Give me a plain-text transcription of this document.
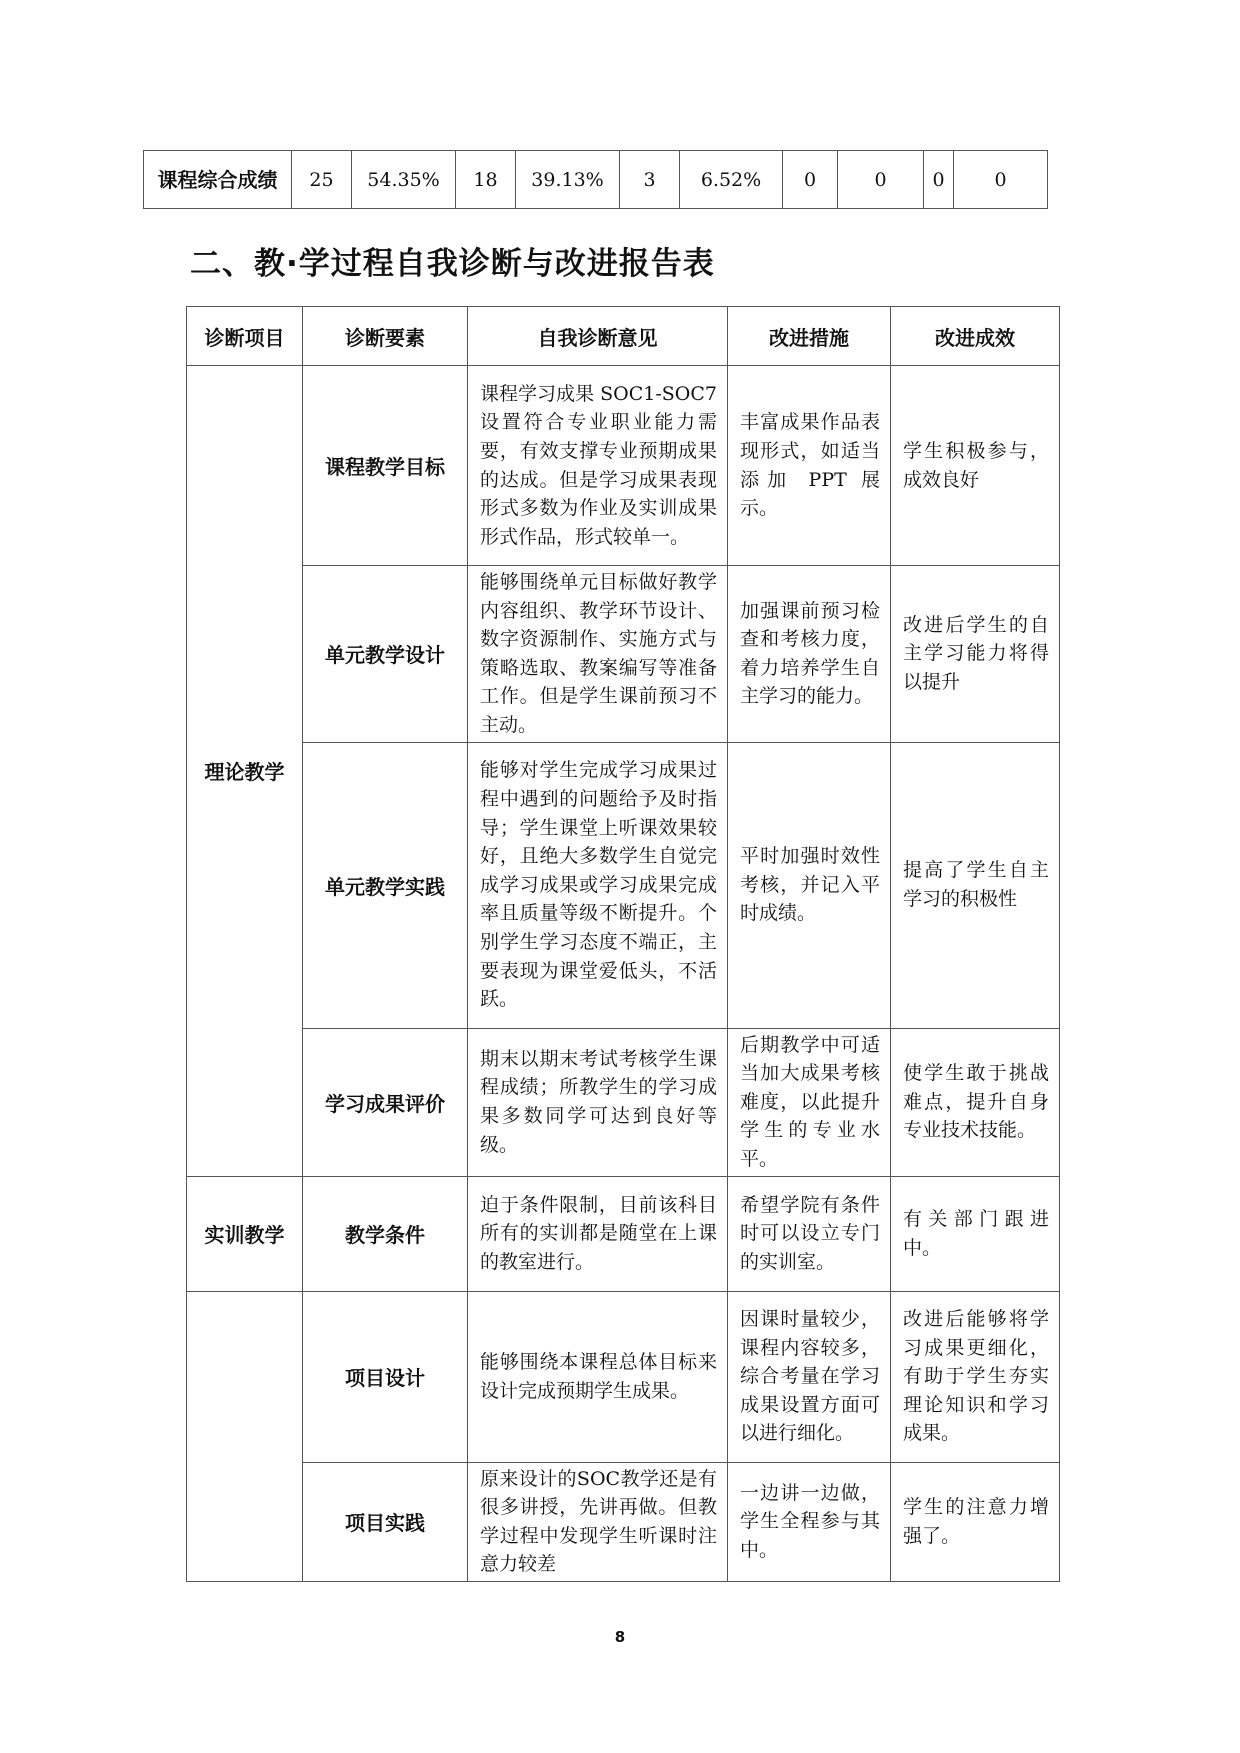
课程综合成绩	25	54.35%	18	39.13%	3	6.52%	0	0	0	0
二、教·学过程自我诊断与改进报告表
诊断项目	诊断要素	自我诊断意见	改进措施	改进成效
理论教学	课程教学目标	课程学习成果 SOC1-SOC7 设置符合专业职业能力需要，有效支撑专业预期成果的达成。但是学习成果表现形式多数为作业及实训成果形式作品，形式较单一。	丰富成果作品表现形式，如适当添加 PPT 展示。	学生积极参与，成效良好
	单元教学设计	能够围绕单元目标做好教学内容组织、教学环节设计、数字资源制作、实施方式与策略选取、教案编写等准备工作。但是学生课前预习不主动。	加强课前预习检查和考核力度，着力培养学生自主学习的能力。	改进后学生的自主学习能力将得以提升
	单元教学实践	能够对学生完成学习成果过程中遇到的问题给予及时指导；学生课堂上听课效果较好，且绝大多数学生自觉完成学习成果或学习成果完成率且质量等级不断提升。个别学生学习态度不端正，主要表现为课堂爱低头，不活跃。	平时加强时效性考核，并记入平时成绩。	提高了学生自主学习的积极性
	学习成果评价	期末以期末考试考核学生课程成绩；所教学生的学习成果多数同学可达到良好等级。	后期教学中可适当加大成果考核难度，以此提升学生的专业水平。	使学生敢于挑战难点，提升自身专业技术技能。
实训教学	教学条件	迫于条件限制，目前该科目所有的实训都是随堂在上课的教室进行。	希望学院有条件时可以设立专门的实训室。	有关部门跟进中。
	项目设计	能够围绕本课程总体目标来设计完成预期学生成果。	因课时量较少，课程内容较多，综合考量在学习成果设置方面可以进行细化。	改进后能够将学习成果更细化，有助于学生夯实理论知识和学习成果。
	项目实践	原来设计的SOC教学还是有很多讲授，先讲再做。但教学过程中发现学生听课时注意力较差	一边讲一边做，学生全程参与其中。	学生的注意力增强了。
8
